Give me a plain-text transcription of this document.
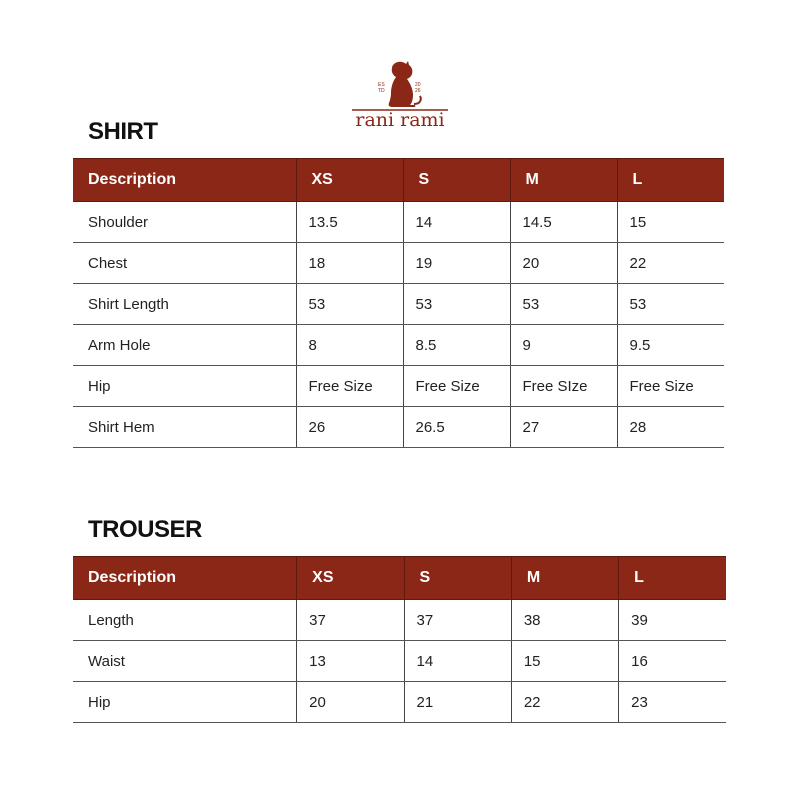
ES
TD
20
26
rani rami
SHIRT
Description	XS	S	M	L
Shoulder	13.5	14	14.5	15
Chest	18	19	20	22
Shirt Length	53	53	53	53
Arm Hole	8	8.5	9	9.5
Hip	Free Size	Free Size	Free SIze	Free Size
Shirt Hem	26	26.5	27	28
TROUSER
Description	XS	S	M	L
Length	37	37	38	39
Waist	13	14	15	16
Hip	20	21	22	23
